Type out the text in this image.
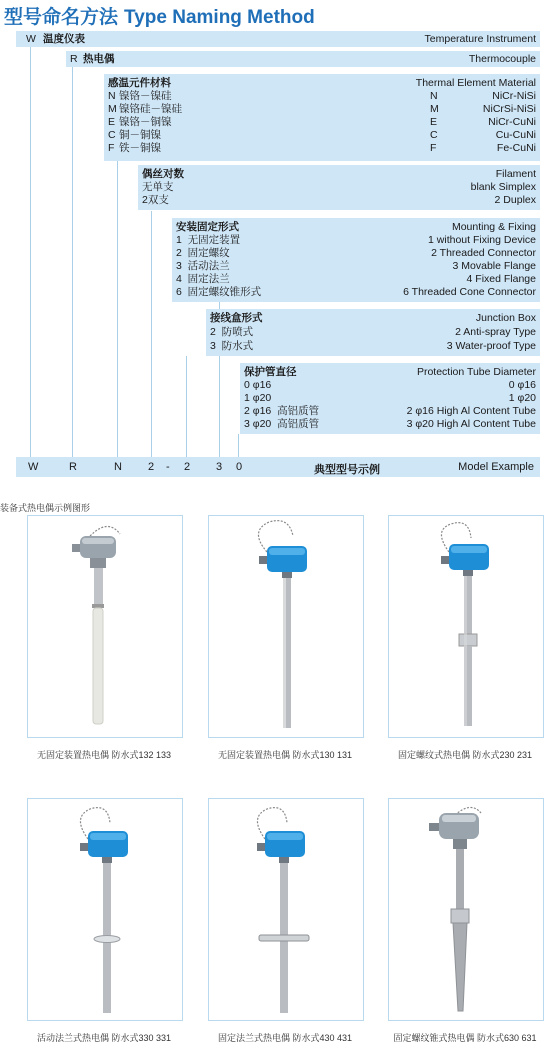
型号命名方法 Type Naming Method
W 温度仪表	Temperature Instrument
R 热电偶	Thermocouple
感温元件材料	Thermal Element Material
N 镍铬－镍硅	N	NiCr-NiSi
M 镍铬硅－镍硅	M	NiCrSi-NiSi
E 镍铬－铜镍	E	NiCr-CuNi
C 铜－铜镍	C	Cu-CuNi
F 铁－铜镍	F	Fe-CuNi
偶丝对数	Filament
无单支	blank Simplex
2双支	2 Duplex
安装固定形式	Mounting & Fixing
1  无固定装置	1 without Fixing Device
2  固定螺纹	2 Threaded Connector
3  活动法兰	3 Movable Flange
4  固定法兰	4 Fixed Flange
6  固定螺纹锥形式	6 Threaded Cone Connector
接线盒形式	Junction Box
2  防喷式	2 Anti-spray Type
3  防水式	3 Water-proof Type
保护管直径	Protection Tube Diameter
0 φ16	0 φ16
1 φ20	1 φ20
2 φ16  高铝质管	2 φ16 High Al Content Tube
3 φ20  高铝质管	3 φ20 High Al Content Tube
W	R	N 2 - 2 3 0	典型型号示例	Model Example
装备式热电偶示例图形
无固定装置热电偶 防水式132 133	无固定装置热电偶 防水式130 131	固定螺纹式热电偶 防水式230 231
活动法兰式热电偶 防水式330 331	固定法兰式热电偶 防水式430 431	固定螺纹锥式热电偶 防水式630 631
